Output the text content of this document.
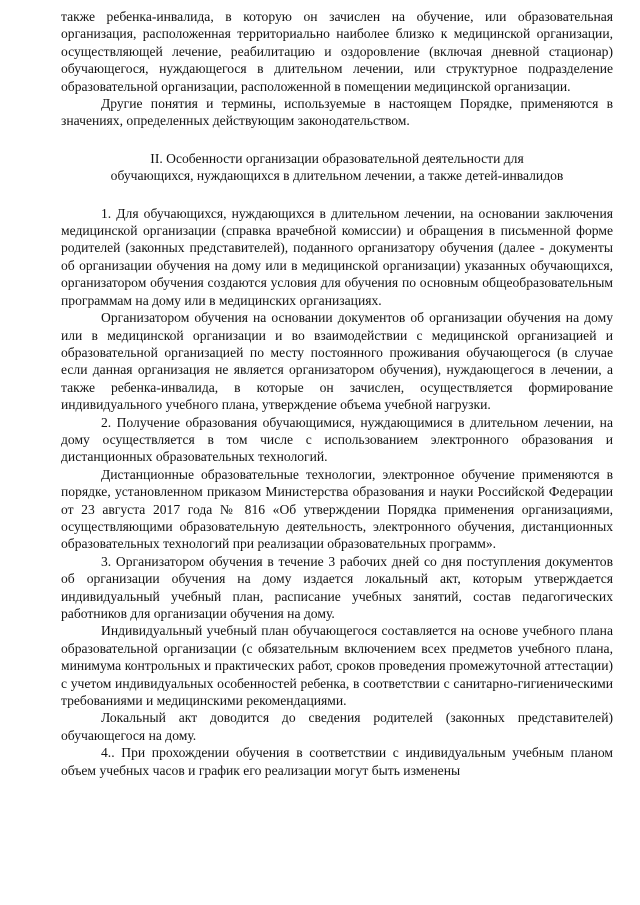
также ребенка-инвалида, в которую он зачислен на обучение, или образовательная организация, расположенная территориально наиболее близко к медицинской организации, осуществляющей лечение, реабилитацию и оздоровление (включая дневной стационар) обучающегося, нуждающегося в длительном лечении, или структурное подразделение образовательной организации, расположенной в помещении медицинской организации.

Другие понятия и термины, используемые в настоящем Порядке, применяются в значениях, определенных действующим законодательством.

II. Особенности организации образовательной деятельности для
обучающихся, нуждающихся в длительном лечении, а также детей-инвалидов

1. Для обучающихся, нуждающихся в длительном лечении, на основании заключения медицинской организации (справка врачебной комиссии) и обращения в письменной форме родителей (законных представителей), поданного организатору обучения (далее - документы об организации обучения на дому или в медицинской организации) указанных обучающихся, организатором обучения создаются условия для обучения по основным общеобразовательным программам на дому или в медицинских организациях.

Организатором обучения на основании документов об организации обучения на дому или в медицинской организации и во взаимодействии с медицинской организацией и образовательной организацией по месту постоянного проживания обучающегося (в случае если данная организация не является организатором обучения), нуждающегося в лечении, а также ребенка-инвалида, в которые он зачислен, осуществляется формирование индивидуального учебного плана, утверждение объема учебной нагрузки.

2. Получение образования обучающимися, нуждающимися в длительном лечении, на дому осуществляется в том числе с использованием электронного образования и дистанционных образовательных технологий.

Дистанционные образовательные технологии, электронное обучение применяются в порядке, установленном приказом Министерства образования и науки Российской Федерации от 23 августа 2017 года № 816 «Об утверждении Порядка применения организациями, осуществляющими образовательную деятельность, электронного обучения, дистанционных образовательных технологий при реализации образовательных программ».

3. Организатором обучения в течение 3 рабочих дней со дня поступления документов об организации обучения на дому издается локальный акт, которым утверждается индивидуальный учебный план, расписание учебных занятий, состав педагогических работников для организации обучения на дому.

Индивидуальный учебный план обучающегося составляется на основе учебного плана образовательной организации (с обязательным включением всех предметов учебного плана, минимума контрольных и практических работ, сроков проведения промежуточной аттестации) с учетом индивидуальных особенностей ребенка, в соответствии с санитарно-гигиеническими требованиями и медицинскими рекомендациями.

Локальный акт доводится до сведения родителей (законных представителей) обучающегося на дому.

4.. При прохождении обучения в соответствии с индивидуальным учебным планом объем учебных часов и график его реализации могут быть изменены
